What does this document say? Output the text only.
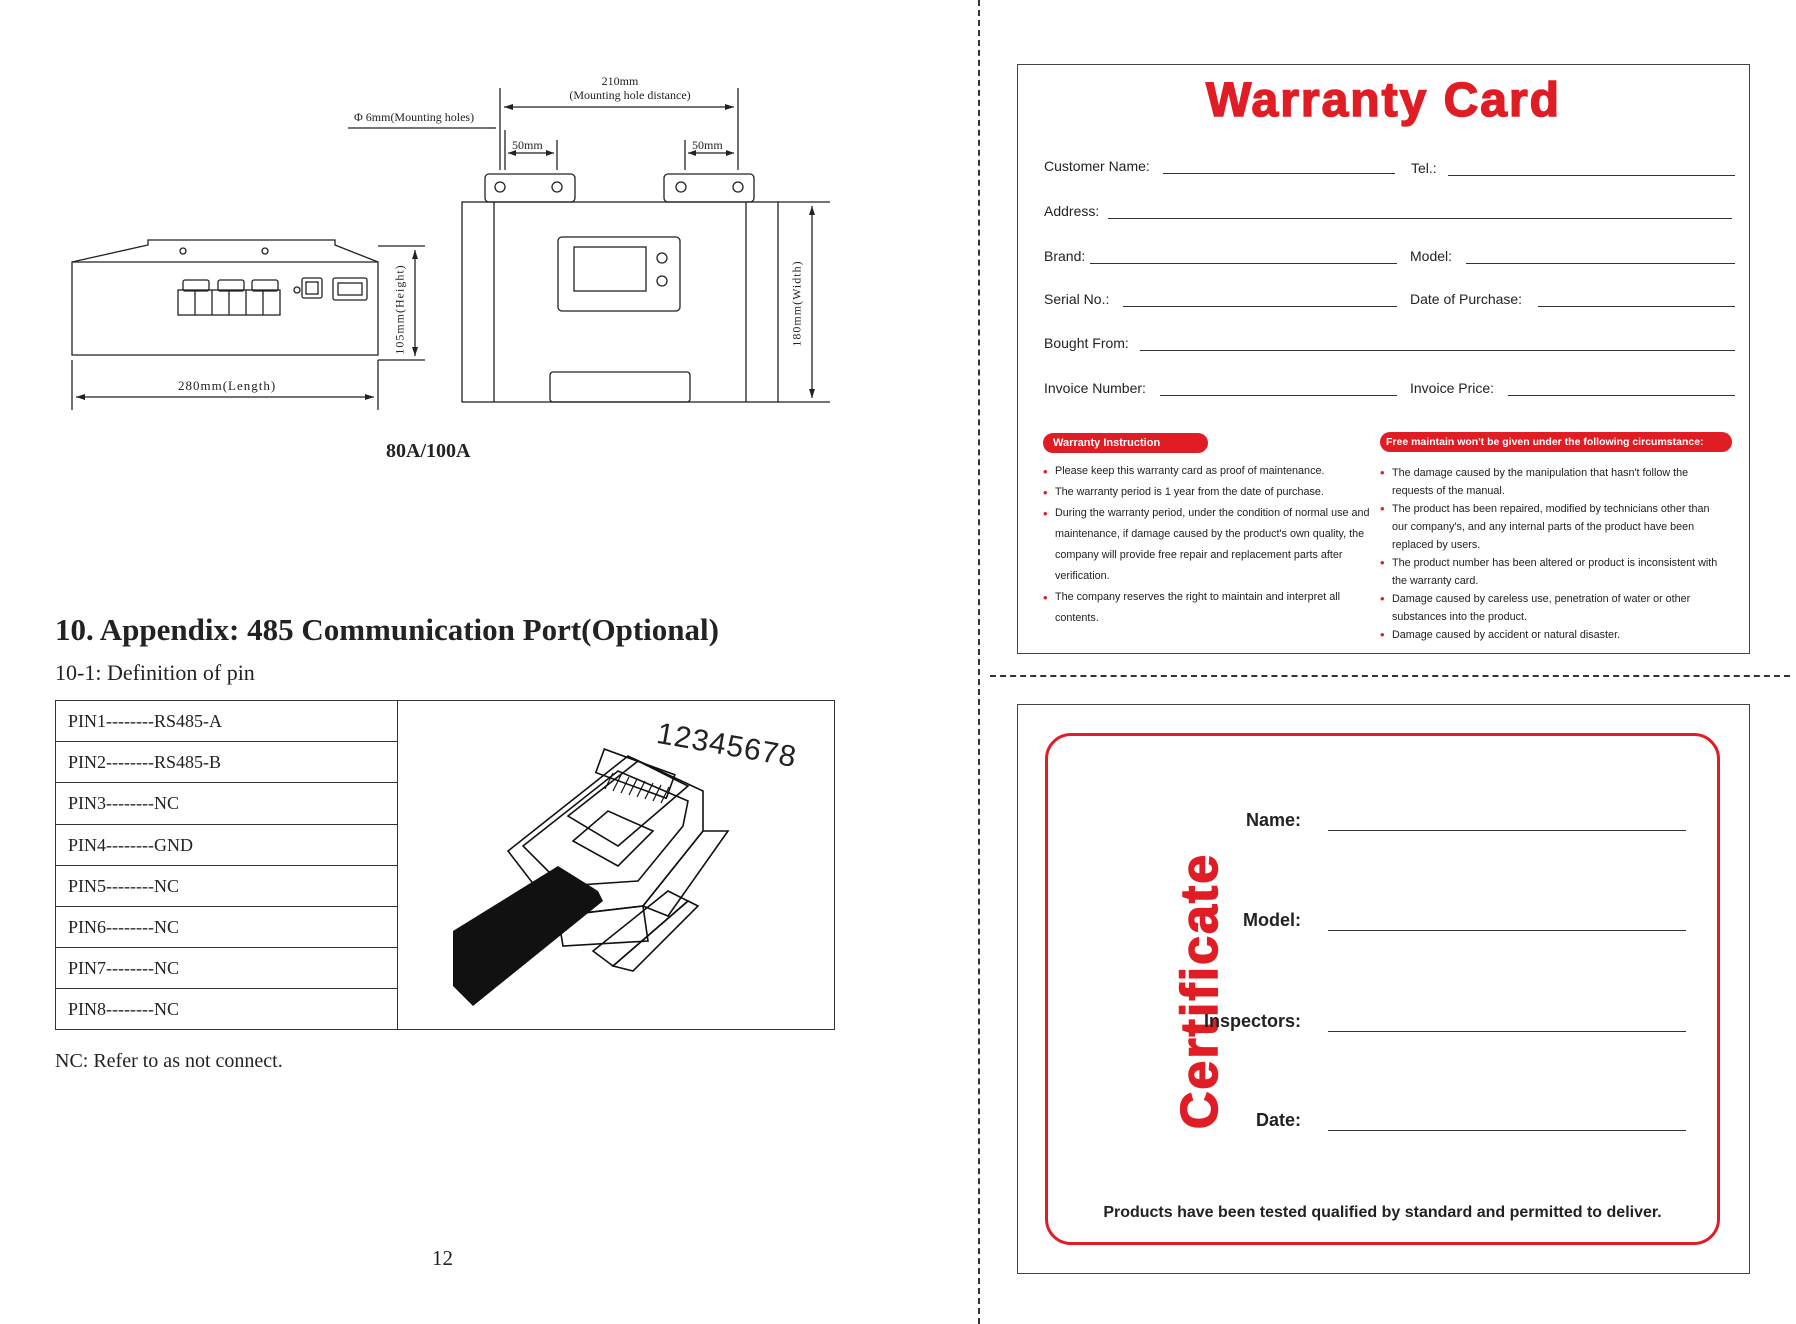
210mm
(Mounting hole distance)
Φ 6mm(Mounting holes)
50mm	50mm
280mm(Length)
105mm(Height)	180mm(Width)
80A/100A
10. Appendix: 485 Communication Port(Optional)
10-1: Definition of pin
PIN1--------RS485-A
PIN2--------RS485-B
PIN3--------NC
PIN4--------GND
PIN5--------NC
PIN6--------NC
PIN7--------NC
PIN8--------NC
12345678
NC: Refer to as not connect.
12
Warranty Card
Customer Name:	Tel.:
Address:
Brand:	Model:
Serial No.:	Date of Purchase:
Bought From:
Invoice Number:	Invoice Price:
Warranty Instruction
• Please keep this warranty card as proof of maintenance.
• The warranty period is 1 year from the date of purchase.
• During the warranty period, under the condition of normal use and maintenance, if damage caused by the product's own quality, the company will provide free repair and replacement parts after verification.
• The company reserves the right to maintain and interpret all contents.
Free maintain won't be given under the following circumstance:
• The damage caused by the manipulation that hasn't follow the requests of the manual.
• The product has been repaired, modified by technicians other than our company's, and any internal parts of the product have been replaced by users.
• The product number has been altered or product is inconsistent with the warranty card.
• Damage caused by careless use, penetration of water or other substances into the product.
• Damage caused by accident or natural disaster.
Certificate
Name:
Model:
Inspectors:
Date:
Products have been tested qualified by standard and permitted to deliver.
